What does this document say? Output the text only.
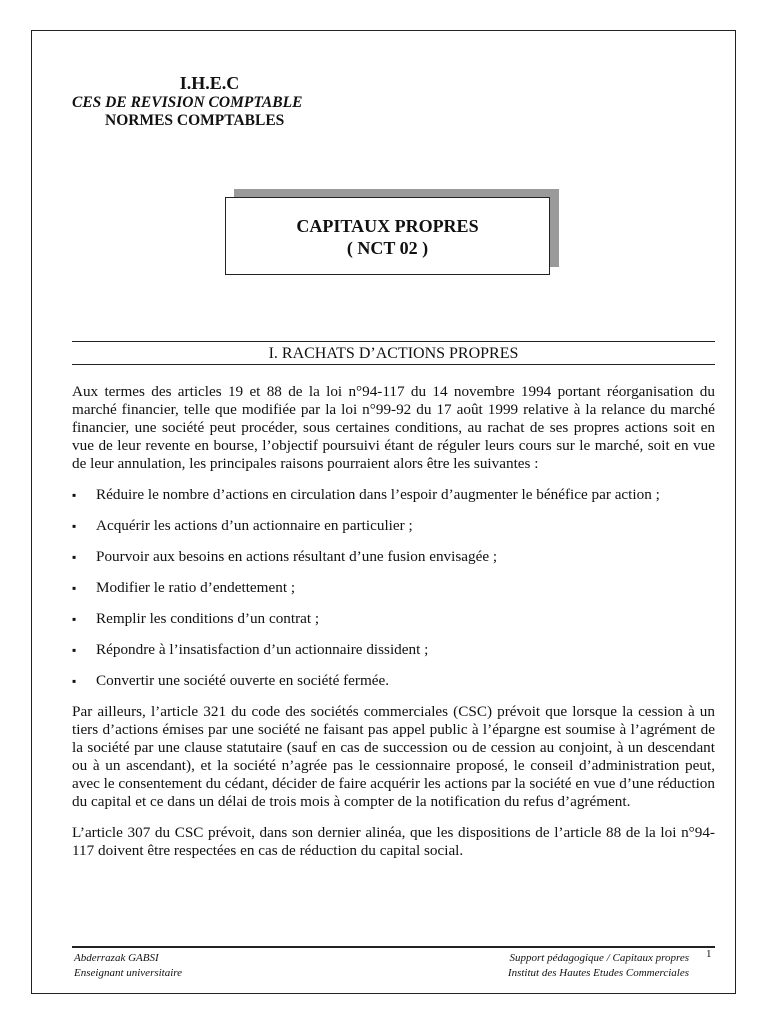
I.H.E.C
CES DE REVISION COMPTABLE
NORMES COMPTABLES
CAPITAUX PROPRES
( NCT 02 )
I. RACHATS D’ACTIONS PROPRES

Aux termes des articles 19 et 88 de la loi n°94-117 du 14 novembre 1994 portant réorganisation du marché financier, telle que modifiée par la loi n°99-92 du 17 août 1999 relative à la relance du marché financier, une société peut procéder, sous certaines conditions, au rachat de ses propres actions soit en vue de leur revente en bourse, l’objectif poursuivi étant de réguler leurs cours sur le marché, soit en vue de leur annulation, les principales raisons pourraient alors être les suivantes :

▪ Réduire le nombre d’actions en circulation dans l’espoir d’augmenter le bénéfice par action ;
▪ Acquérir les actions d’un actionnaire en particulier ;
▪ Pourvoir aux besoins en actions résultant d’une fusion envisagée ;
▪ Modifier le ratio d’endettement ;
▪ Remplir les conditions d’un contrat ;
▪ Répondre à l’insatisfaction d’un actionnaire dissident ;
▪ Convertir une société ouverte en société fermée.

Par ailleurs, l’article 321 du code des sociétés commerciales (CSC) prévoit que lorsque la cession à un tiers d’actions émises par une société ne faisant pas appel public à l’épargne est soumise à l’agrément de la société par une clause statutaire (sauf en cas de succession ou de cession au conjoint, à un descendant ou à un ascendant), et la société n’agrée pas le cessionnaire proposé, le conseil d’administration peut, avec le consentement du cédant, décider de faire acquérir les actions par la société en vue d’une réduction du capital et ce dans un délai de trois mois à compter de la notification du refus d’agrément.

L’article 307 du CSC prévoit, dans son dernier alinéa, que les dispositions de l’article 88 de la loi n°94-117 doivent être respectées en cas de réduction du capital social.

Abderrazak GABSI
Enseignant universitaire
Support pédagogique / Capitaux propres
Institut des Hautes Etudes Commerciales
1
